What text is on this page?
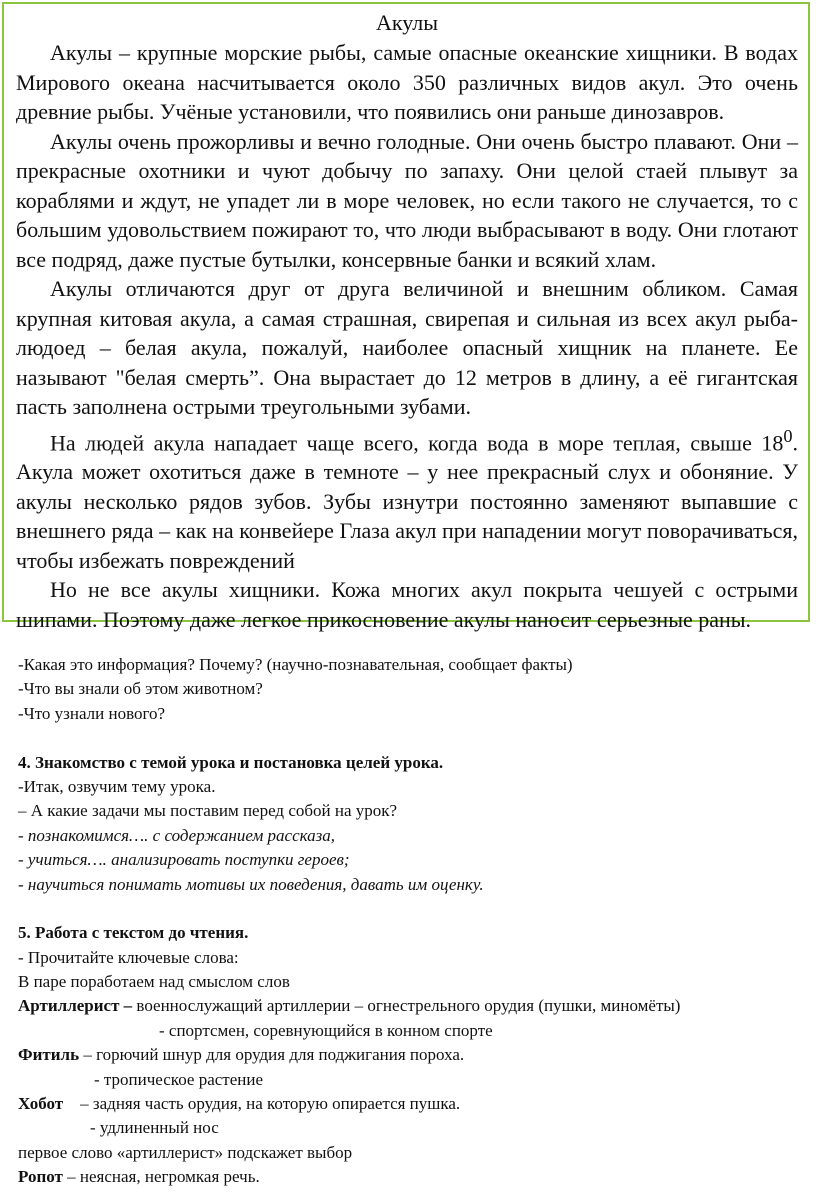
Акулы

Акулы – крупные морские рыбы, самые опасные океанские хищники. В водах Мирового океана насчитывается около 350 различных видов акул. Это очень древние рыбы. Учёные установили, что появились они раньше динозавров.

Акулы очень прожорливы и вечно голодные. Они очень быстро плавают. Они – прекрасные охотники и чуют добычу по запаху. Они целой стаей плывут за кораблями и ждут, не упадет ли в море человек, но если такого не случается, то с большим удовольствием пожирают то, что люди выбрасывают в воду. Они глотают все подряд, даже пустые бутылки, консервные банки и всякий хлам.

Акулы отличаются друг от друга величиной и внешним обликом. Самая крупная китовая акула, а самая страшная, свирепая и сильная из всех акул рыба-людоед – белая акула, пожалуй, наиболее опасный хищник на планете. Ее называют "белая смерть”. Она вырастает до 12 метров в длину, а её гигантская пасть заполнена острыми треугольными зубами.

На людей акула нападает чаще всего, когда вода в море теплая, свыше $18^0$. Акула может охотиться даже в темноте – у нее прекрасный слух и обоняние. У акулы несколько рядов зубов. Зубы изнутри постоянно заменяют выпавшие с внешнего ряда – как на конвейере Глаза акул при нападении могут поворачиваться, чтобы избежать повреждений

Но не все акулы хищники. Кожа многих акул покрыта чешуей с острыми шипами. Поэтому даже легкое прикосновение акулы наносит серьезные раны.

-Какая это информация? Почему? (научно-познавательная, сообщает факты)
-Что вы знали об этом животном?
-Что узнали нового?
4. Знакомство с темой урока и постановка целей урока.
-Итак, озвучим тему урока.
– А какие задачи мы поставим перед собой на урок?
- познакомимся…. с содержанием рассказа,
- учиться…. анализировать поступки героев;
- научиться понимать мотивы их поведения, давать им оценку.
5. Работа с текстом до чтения.
- Прочитайте ключевые слова:
В паре поработаем над смыслом слов
Артиллерист – военнослужащий артиллерии – огнестрельного орудия (пушки, миномёты)
- спортсмен, соревнующийся в конном спорте
Фитиль – горючий шнур для орудия для поджигания пороха.
- тропическое растение
Хобот    – задняя часть орудия, на которую опирается пушка.
- удлиненный нос
первое слово «артиллерист» подскажет выбор
Ропот – неясная, негромкая речь.
